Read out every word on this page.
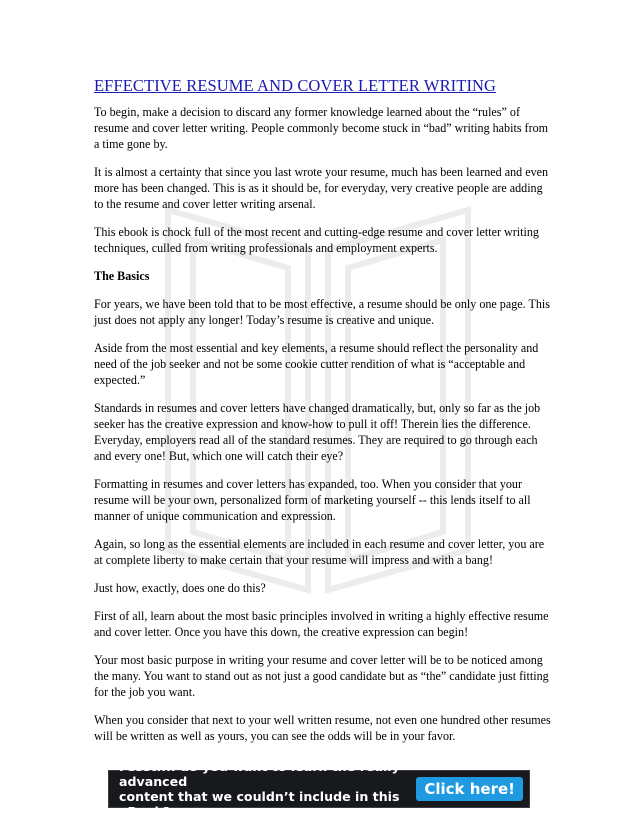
EFFECTIVE RESUME AND COVER LETTER WRITING

To begin, make a decision to discard any former knowledge learned about the “rules” of resume and cover letter writing. People commonly become stuck in “bad” writing habits from a time gone by.

It is almost a certainty that since you last wrote your resume, much has been learned and even more has been changed. This is as it should be, for everyday, very creative people are adding to the resume and cover letter writing arsenal.

This ebook is chock full of the most recent and cutting-edge resume and cover letter writing techniques, culled from writing professionals and employment experts.

The Basics

For years, we have been told that to be most effective, a resume should be only one page. This just does not apply any longer! Today’s resume is creative and unique.

Aside from the most essential and key elements, a resume should reflect the personality and need of the job seeker and not be some cookie cutter rendition of what is “acceptable and expected.”

Standards in resumes and cover letters have changed dramatically, but, only so far as the job seeker has the creative expression and know-how to pull it off! Therein lies the difference. Everyday, employers read all of the standard resumes. They are required to go through each and every one! But, which one will catch their eye?

Formatting in resumes and cover letters has expanded, too. When you consider that your resume will be your own, personalized form of marketing yourself -- this lends itself to all manner of unique communication and expression.

Again, so long as the essential elements are included in each resume and cover letter, you are at complete liberty to make certain that your resume will impress and with a bang!

Just how, exactly, does one do this?

First of all, learn about the most basic principles involved in writing a highly effective resume and cover letter. Once you have this down, the creative expression can begin!

Your most basic purpose in writing your resume and cover letter will be to be noticed among the many. You want to stand out as not just a good candidate but as “the” candidate just fitting for the job you want.

When you consider that next to your well written resume, not even one hundred other resumes will be written as well as yours, you can see the odds will be in your favor.

Pssst.... do you want to learn the really advanced
content that we couldn’t include in this eBook?
Click here!
